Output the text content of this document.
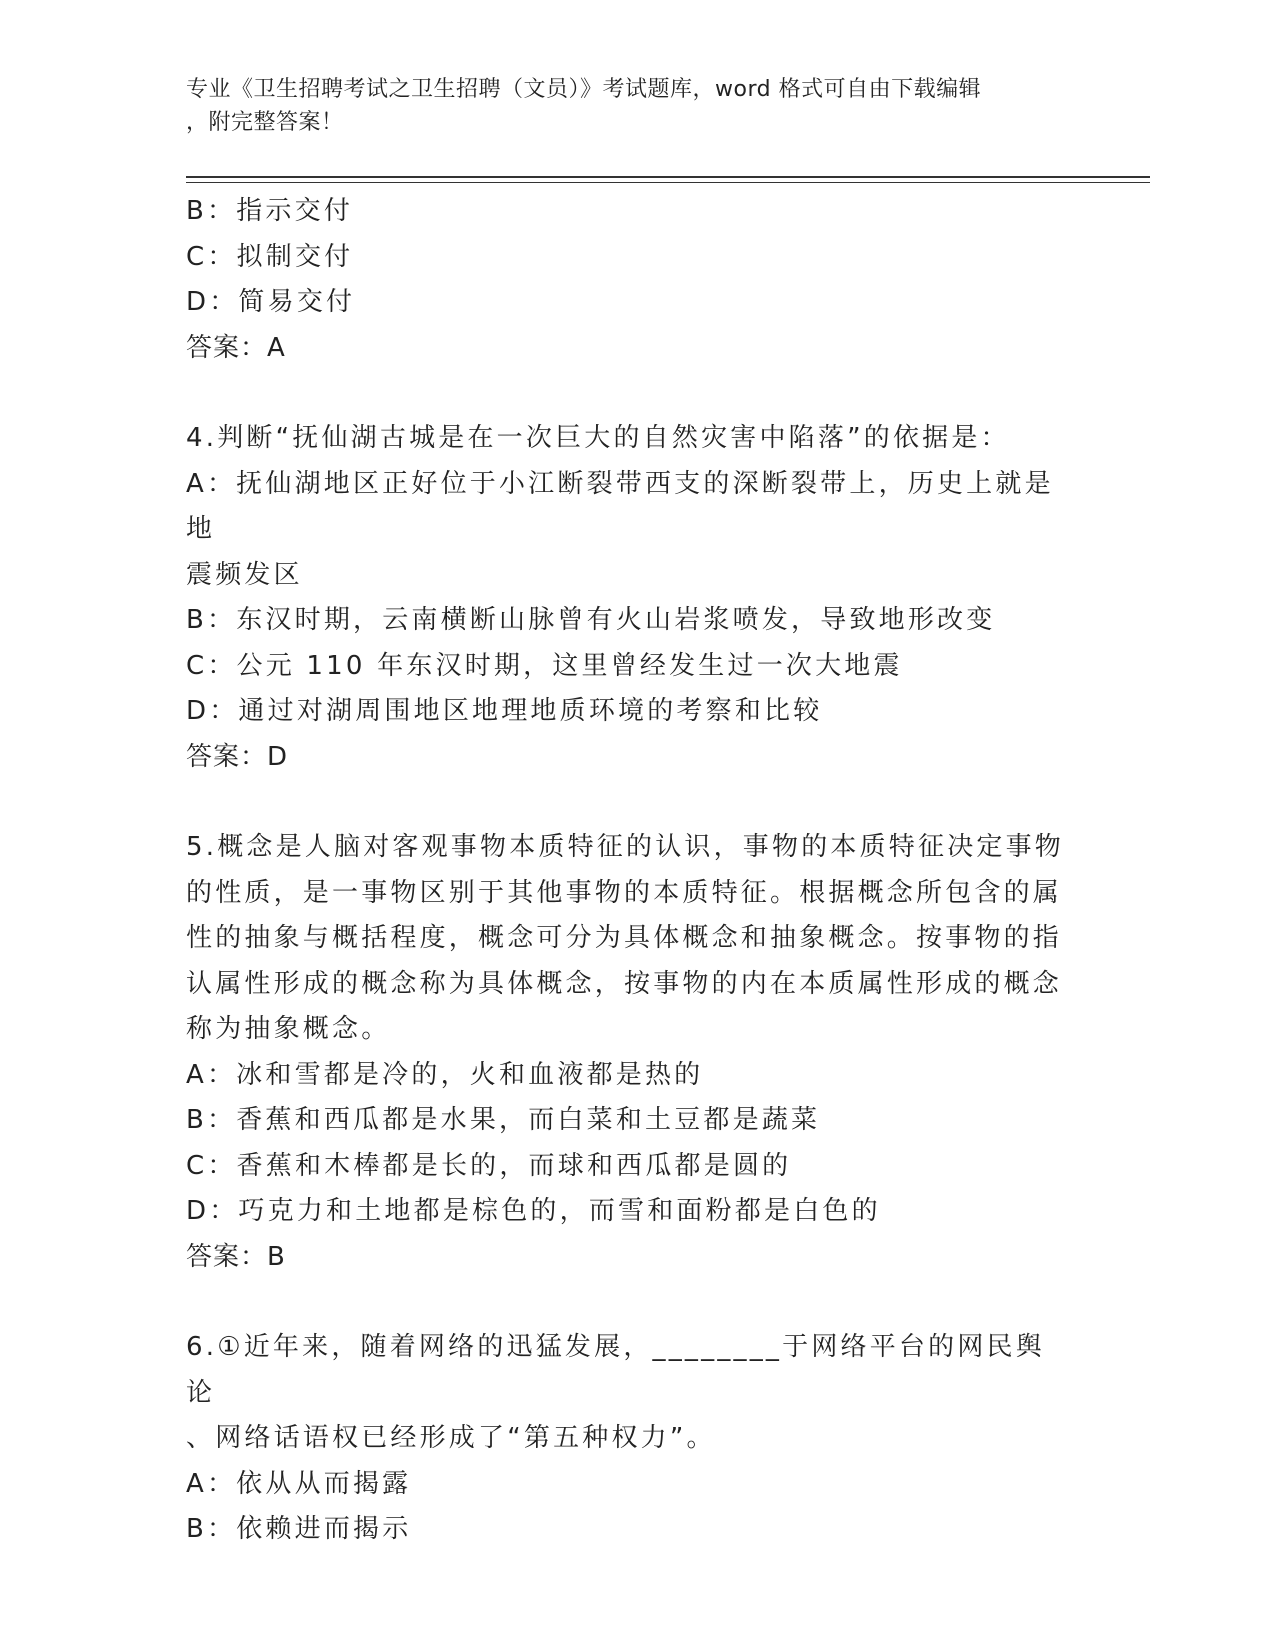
专业《卫生招聘考试之卫生招聘（文员）》考试题库，word 格式可自由下载编辑
，附完整答案！

B：指示交付

C：拟制交付

D：简易交付

答案：A

4.判断“抚仙湖古城是在一次巨大的自然灾害中陷落”的依据是：

A：抚仙湖地区正好位于小江断裂带西支的深断裂带上，历史上就是地

震频发区

B：东汉时期，云南横断山脉曾有火山岩浆喷发，导致地形改变

C：公元 110 年东汉时期，这里曾经发生过一次大地震

D：通过对湖周围地区地理地质环境的考察和比较

答案：D

5.概念是人脑对客观事物本质特征的认识，事物的本质特征决定事物

的性质，是一事物区别于其他事物的本质特征。根据概念所包含的属

性的抽象与概括程度，概念可分为具体概念和抽象概念。按事物的指

认属性形成的概念称为具体概念，按事物的内在本质属性形成的概念

称为抽象概念。

A：冰和雪都是冷的，火和血液都是热的

B：香蕉和西瓜都是水果，而白菜和土豆都是蔬菜

C：香蕉和木棒都是长的，而球和西瓜都是圆的

D：巧克力和土地都是棕色的，而雪和面粉都是白色的

答案：B

6.①近年来，随着网络的迅猛发展，________于网络平台的网民舆论

、网络话语权已经形成了“第五种权力”。

A：依从从而揭露

B：依赖进而揭示
